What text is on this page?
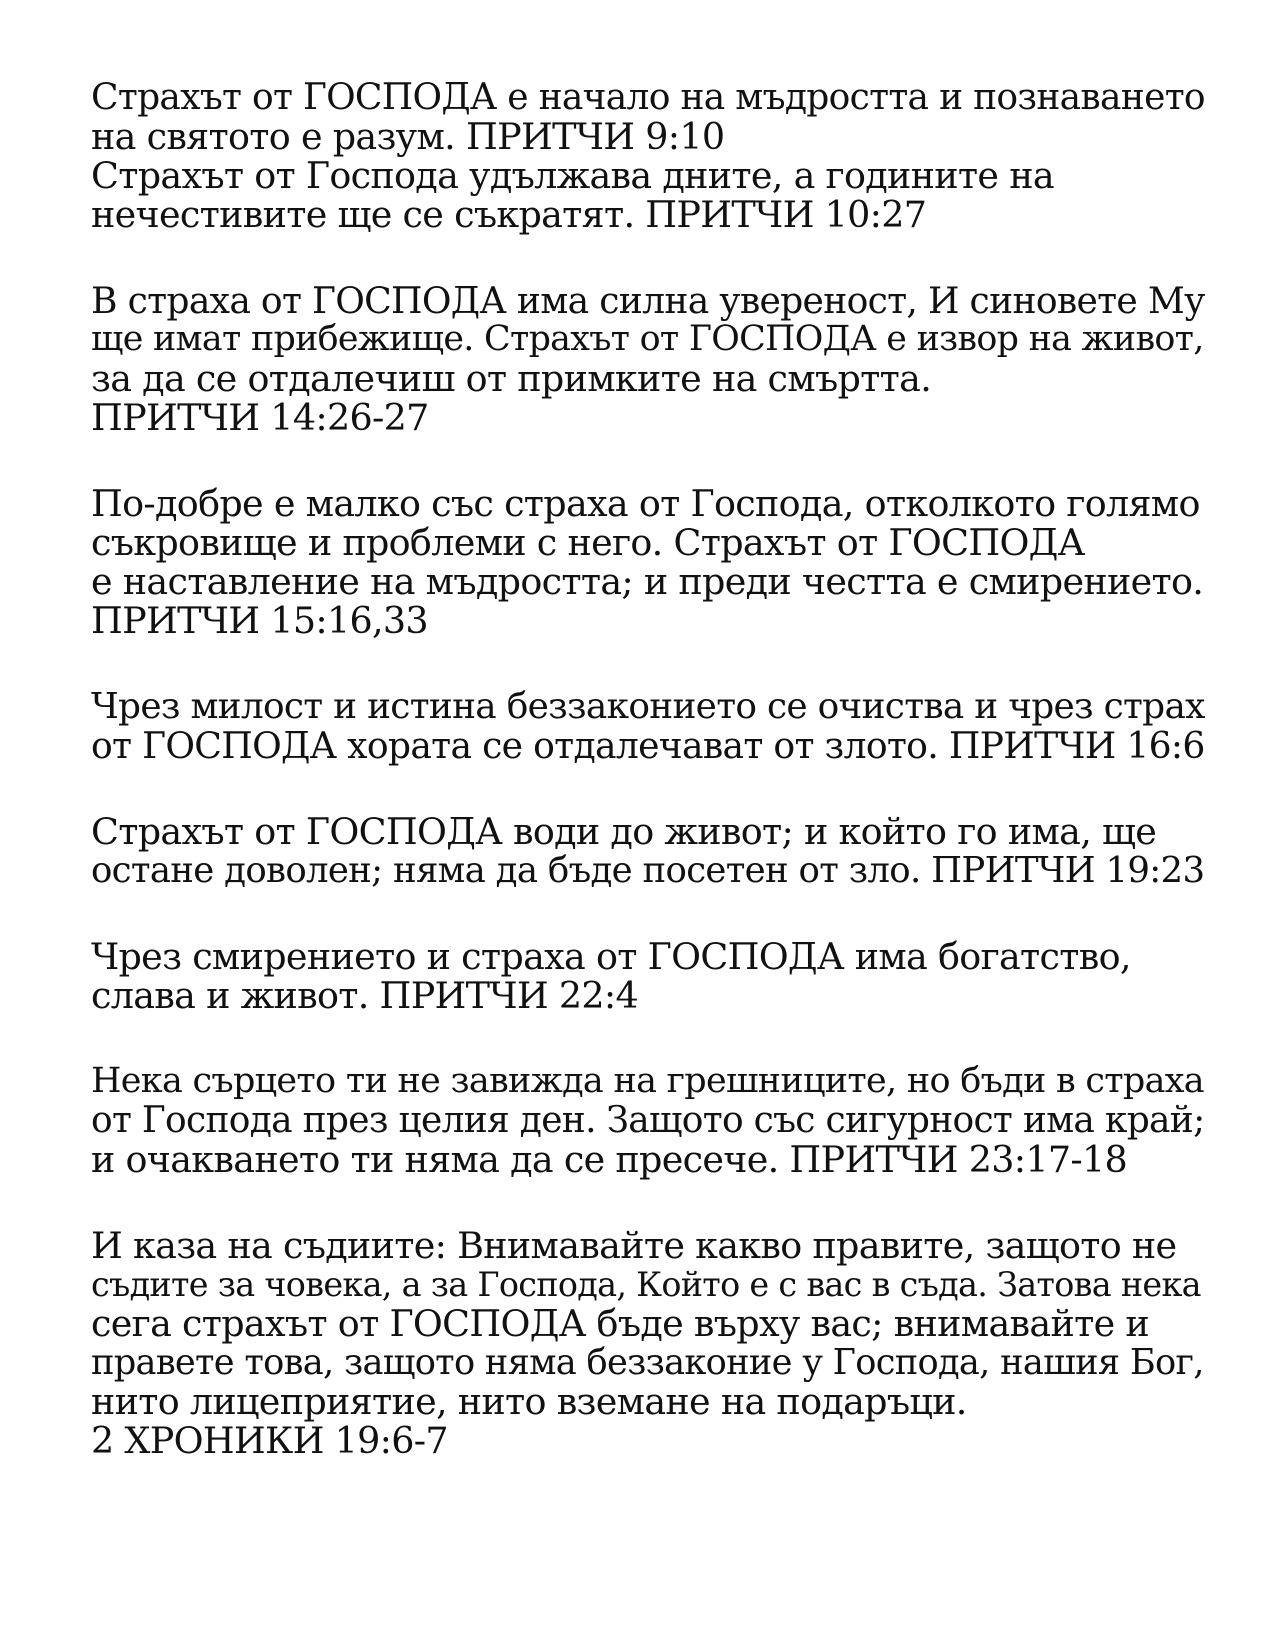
Страхът от ГОСПОДА е начало на мъдростта и познаването
на святото е разум. ПРИТЧИ 9:10
Страхът от Господа удължава дните, а годините на
нечестивите ще се съкратят. ПРИТЧИ 10:27

В страха от ГОСПОДА има силна увереност, И синовете Му
ще имат прибежище. Страхът от ГОСПОДА е извор на живот,
за да се отдалечиш от примките на смъртта.
ПРИТЧИ 14:26-27

По-добре е малко със страха от Господа, отколкото голямо
съкровище и проблеми с него. Страхът от ГОСПОДА
е наставление на мъдростта; и преди честта е смирението.
ПРИТЧИ 15:16,33

Чрез милост и истина беззаконието се очиства и чрез страх
от ГОСПОДА хората се отдалечават от злото. ПРИТЧИ 16:6

Страхът от ГОСПОДА води до живот; и който го има, ще
остане доволен; няма да бъде посетен от зло. ПРИТЧИ 19:23

Чрез смирението и страха от ГОСПОДА има богатство,
слава и живот. ПРИТЧИ 22:4

Нека сърцето ти не завижда на грешниците, но бъди в страха
от Господа през целия ден. Защото със сигурност има край;
и очакването ти няма да се пресече. ПРИТЧИ 23:17-18

И каза на съдиите: Внимавайте какво правите, защото не
съдите за човека, а за Господа, Който е с вас в съда. Затова нека
сега страхът от ГОСПОДА бъде върху вас; внимавайте и
правете това, защото няма беззаконие у Господа, нашия Бог,
нито лицеприятие, нито вземане на подаръци.
2 ХРОНИКИ 19:6-7
